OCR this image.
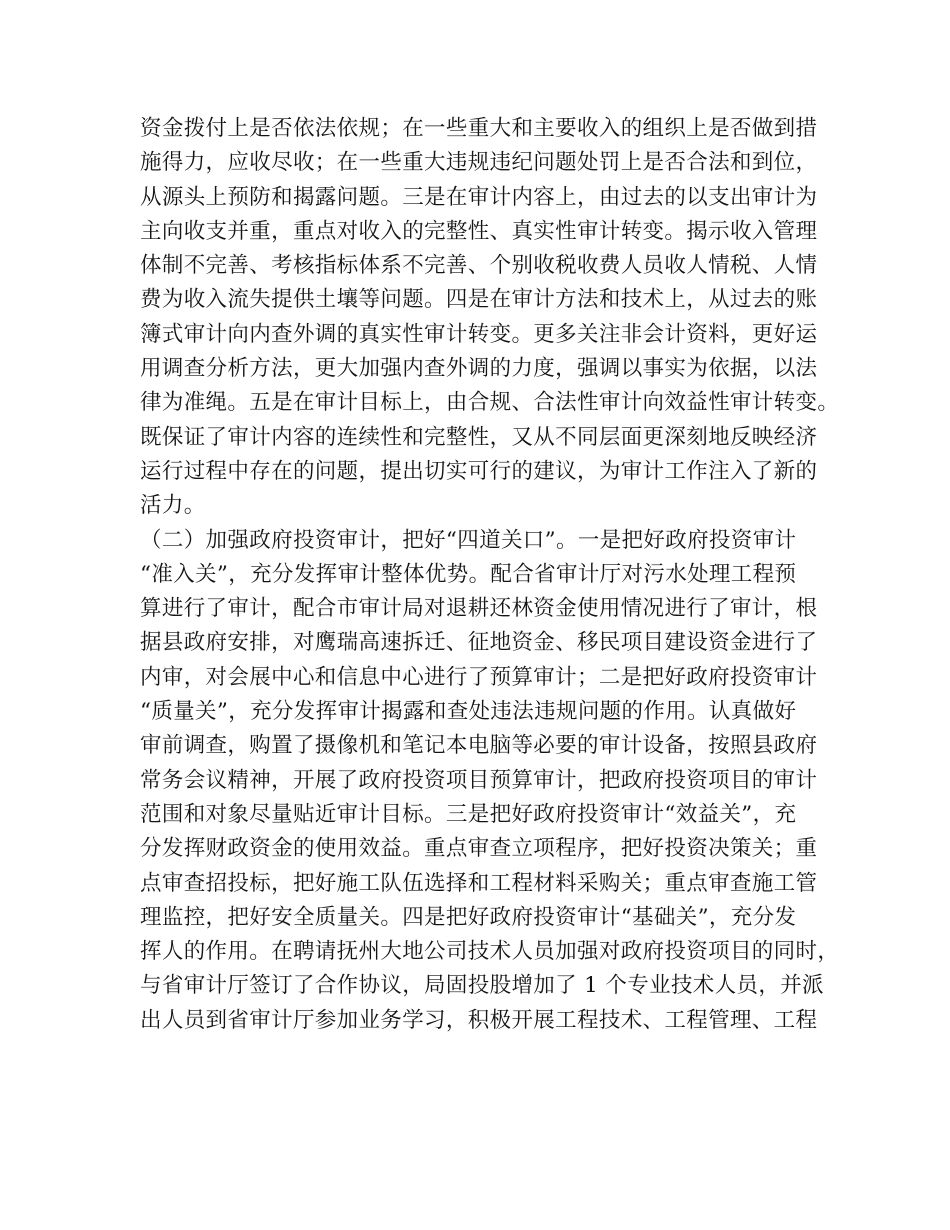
资金拨付上是否依法依规；在一些重大和主要收入的组织上是否做到措
施得力，应收尽收；在一些重大违规违纪问题处罚上是否合法和到位，
从源头上预防和揭露问题。三是在审计内容上，由过去的以支出审计为
主向收支并重，重点对收入的完整性、真实性审计转变。揭示收入管理
体制不完善、考核指标体系不完善、个别收税收费人员收人情税、人情
费为收入流失提供土壤等问题。四是在审计方法和技术上，从过去的账
簿式审计向内查外调的真实性审计转变。更多关注非会计资料，更好运
用调查分析方法，更大加强内查外调的力度，强调以事实为依据，以法
律为准绳。五是在审计目标上，由合规、合法性审计向效益性审计转变。
既保证了审计内容的连续性和完整性，又从不同层面更深刻地反映经济
运行过程中存在的问题，提出切实可行的建议，为审计工作注入了新的
活力。
（二）加强政府投资审计，把好“四道关口”。一是把好政府投资审计
“准入关”，充分发挥审计整体优势。配合省审计厅对污水处理工程预
算进行了审计，配合市审计局对退耕还林资金使用情况进行了审计，根
据县政府安排，对鹰瑞高速拆迁、征地资金、移民项目建设资金进行了
内审，对会展中心和信息中心进行了预算审计；二是把好政府投资审计
“质量关”，充分发挥审计揭露和查处违法违规问题的作用。认真做好
审前调查，购置了摄像机和笔记本电脑等必要的审计设备，按照县政府
常务会议精神，开展了政府投资项目预算审计，把政府投资项目的审计
范围和对象尽量贴近审计目标。三是把好政府投资审计“效益关”，充
分发挥财政资金的使用效益。重点审查立项程序，把好投资决策关；重
点审查招投标，把好施工队伍选择和工程材料采购关；重点审查施工管
理监控，把好安全质量关。四是把好政府投资审计“基础关”，充分发
挥人的作用。在聘请抚州大地公司技术人员加强对政府投资项目的同时，
与省审计厅签订了合作协议，局固投股增加了 1 个专业技术人员，并派
出人员到省审计厅参加业务学习，积极开展工程技术、工程管理、工程
